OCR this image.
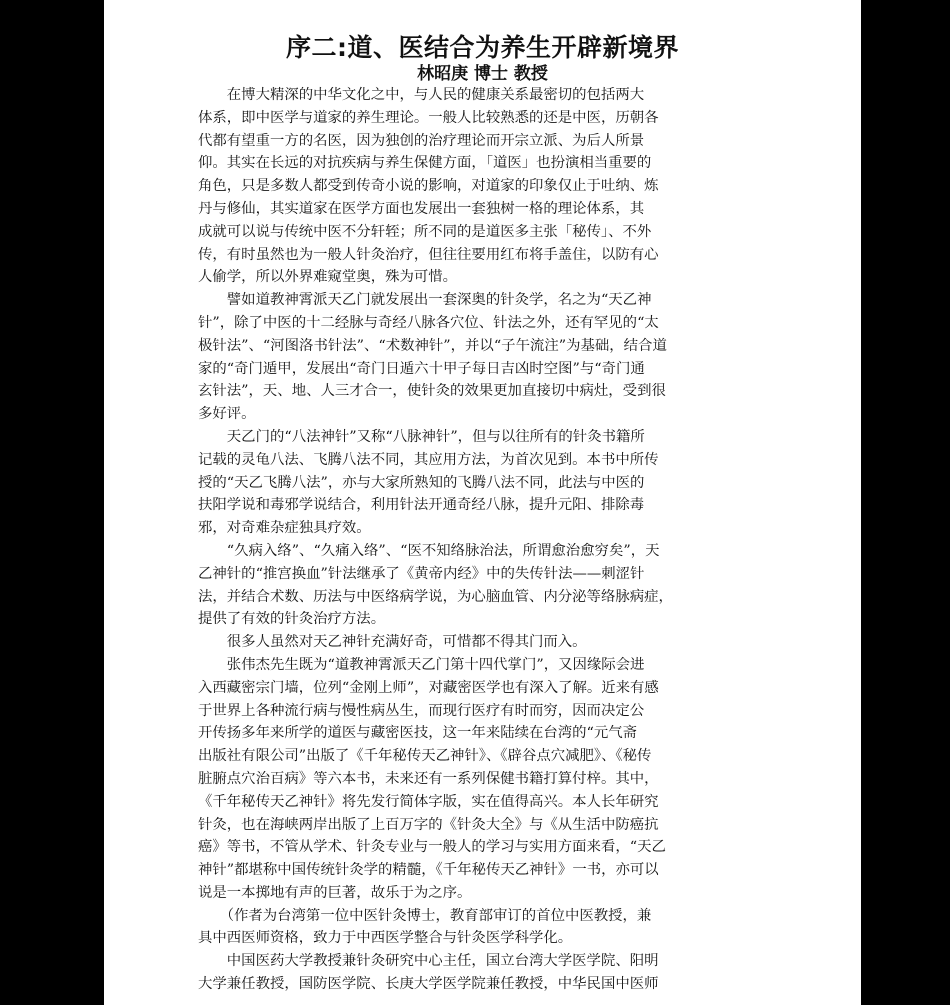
序二:道、医结合为养生开辟新境界
林昭庚 博士 教授
　　在博大精深的中华文化之中，与人民的健康关系最密切的包括两大
体系，即中医学与道家的养生理论。一般人比较熟悉的还是中医，历朝各
代都有望重一方的名医，因为独创的治疗理论而开宗立派、为后人所景
仰。其实在长远的对抗疾病与养生保健方面，「道医」也扮演相当重要的
角色，只是多数人都受到传奇小说的影响，对道家的印象仅止于吐纳、炼
丹与修仙，其实道家在医学方面也发展出一套独树一格的理论体系，其
成就可以说与传统中医不分轩轾；所不同的是道医多主张「秘传」、不外
传，有时虽然也为一般人针灸治疗，但往往要用红布将手盖住，以防有心
人偷学，所以外界难窥堂奥，殊为可惜。
　　譬如道教神霄派天乙门就发展出一套深奥的针灸学，名之为“天乙神
针”，除了中医的十二经脉与奇经八脉各穴位、针法之外，还有罕见的“太
极针法”、“河图洛书针法”、“术数神针”，并以“子午流注”为基础，结合道
家的“奇门遁甲，发展出“奇门日遁六十甲子每日吉凶时空图”与“奇门通
玄针法”，天、地、人三才合一，使针灸的效果更加直接切中病灶，受到很
多好评。
　　天乙门的“八法神针”又称“八脉神针”，但与以往所有的针灸书籍所
记载的灵龟八法、飞腾八法不同，其应用方法，为首次见到。本书中所传
授的“天乙飞腾八法”，亦与大家所熟知的飞腾八法不同，此法与中医的
扶阳学说和毒邪学说结合，利用针法开通奇经八脉，提升元阳、排除毒
邪，对奇难杂症独具疗效。
　　“久病入络”、“久痛入络”、“医不知络脉治法，所谓愈治愈穷矣”，天
乙神针的“推宫换血”针法继承了《黄帝内经》中的失传针法——刺涩针
法，并结合术数、历法与中医络病学说，为心脑血管、内分泌等络脉病症，
提供了有效的针灸治疗方法。
　　很多人虽然对天乙神针充满好奇，可惜都不得其门而入。
　　张伟杰先生既为“道教神霄派天乙门第十四代掌门”，又因缘际会进
入西藏密宗门墙，位列“金刚上师”，对藏密医学也有深入了解。近来有感
于世界上各种流行病与慢性病丛生，而现行医疗有时而穷，因而决定公
开传扬多年来所学的道医与藏密医技，这一年来陆续在台湾的“元气斋
出版社有限公司”出版了《千年秘传天乙神针》、《辟谷点穴减肥》、《秘传
脏腑点穴治百病》等六本书，未来还有一系列保健书籍打算付梓。其中，
《千年秘传天乙神针》将先发行简体字版，实在值得高兴。本人长年研究
针灸，也在海峡两岸出版了上百万字的《针灸大全》与《从生活中防癌抗
癌》等书，不管从学术、针灸专业与一般人的学习与实用方面来看，“天乙
神针”都堪称中国传统针灸学的精髓，《千年秘传天乙神针》一书，亦可以
说是一本掷地有声的巨著，故乐于为之序。
　　（作者为台湾第一位中医针灸博士，教育部审订的首位中医教授，兼
具中西医师资格，致力于中西医学整合与针灸医学科学化。
　　中国医药大学教授兼针灸研究中心主任，国立台湾大学医学院、阳明
大学兼任教授，国防医学院、长庚大学医学院兼任教授，中华民国中医师
